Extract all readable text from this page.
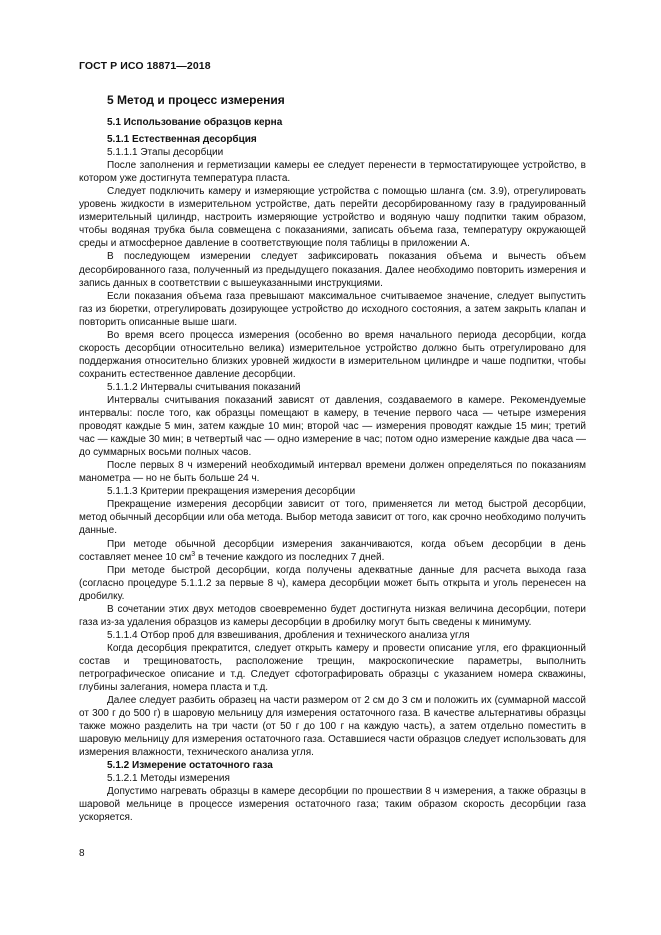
ГОСТ Р ИСО 18871—2018
5 Метод и процесс измерения
5.1 Использование образцов керна
5.1.1 Естественная десорбция
5.1.1.1 Этапы десорбции

После заполнения и герметизации камеры ее следует перенести в термостатирующее устройство, в котором уже достигнута температура пласта.

Следует подключить камеру и измеряющие устройства с помощью шланга (см. 3.9), отрегулировать уровень жидкости в измерительном устройстве, дать перейти десорбированному газу в градуированный измерительный цилиндр, настроить измеряющие устройство и водяную чашу подпитки таким образом, чтобы водяная трубка была совмещена с показаниями, записать объема газа, температуру окружающей среды и атмосферное давление в соответствующие поля таблицы в приложении А.

В последующем измерении следует зафиксировать показания объема и вычесть объем десорбированного газа, полученный из предыдущего показания. Далее необходимо повторить измерения и запись данных в соответствии с вышеуказанными инструкциями.

Если показания объема газа превышают максимальное считываемое значение, следует выпустить газ из бюретки, отрегулировать дозирующее устройство до исходного состояния, а затем закрыть клапан и повторить описанные выше шаги.

Во время всего процесса измерения (особенно во время начального периода десорбции, когда скорость десорбции относительно велика) измерительное устройство должно быть отрегулировано для поддержания относительно близких уровней жидкости в измерительном цилиндре и чаше подпитки, чтобы сохранить естественное давление десорбции.

5.1.1.2 Интервалы считывания показаний

Интервалы считывания показаний зависят от давления, создаваемого в камере. Рекомендуемые интервалы: после того, как образцы помещают в камеру, в течение первого часа — четыре измерения проводят каждые 5 мин, затем каждые 10 мин; второй час — измерения проводят каждые 15 мин; третий час — каждые 30 мин; в четвертый час — одно измерение в час; потом одно измерение каждые два часа — до суммарных восьми полных часов.

После первых 8 ч измерений необходимый интервал времени должен определяться по показаниям манометра — но не быть больше 24 ч.

5.1.1.3 Критерии прекращения измерения десорбции

Прекращение измерения десорбции зависит от того, применяется ли метод быстрой десорбции, метод обычный десорбции или оба метода. Выбор метода зависит от того, как срочно необходимо получить данные.

При методе обычной десорбции измерения заканчиваются, когда объем десорбции в день составляет менее 10 $см^3$ в течение каждого из последних 7 дней.

При методе быстрой десорбции, когда получены адекватные данные для расчета выхода газа (согласно процедуре 5.1.1.2 за первые 8 ч), камера десорбции может быть открыта и уголь перенесен на дробилку.

В сочетании этих двух методов своевременно будет достигнута низкая величина десорбции, потери газа из-за удаления образцов из камеры десорбции в дробилку могут быть сведены к минимуму.

5.1.1.4 Отбор проб для взвешивания, дробления и технического анализа угля

Когда десорбция прекратится, следует открыть камеру и провести описание угля, его фракционный состав и трещиноватость, расположение трещин, макроскопические параметры, выполнить петрографическое описание и т.д. Следует сфотографировать образцы с указанием номера скважины, глубины залегания, номера пласта и т.д.

Далее следует разбить образец на части размером от 2 см до 3 см и положить их (суммарной массой от 300 г до 500 г) в шаровую мельницу для измерения остаточного газа. В качестве альтернативы образцы также можно разделить на три части (от 50 г до 100 г на каждую часть), а затем отдельно поместить в шаровую мельницу для измерения остаточного газа. Оставшиеся части образцов следует использовать для измерения влажности, технического анализа угля.

5.1.2 Измерение остаточного газа
5.1.2.1 Методы измерения

Допустимо нагревать образцы в камере десорбции по прошествии 8 ч измерения, а также образцы в шаровой мельнице в процессе измерения остаточного газа; таким образом скорость десорбции газа ускоряется.

8
